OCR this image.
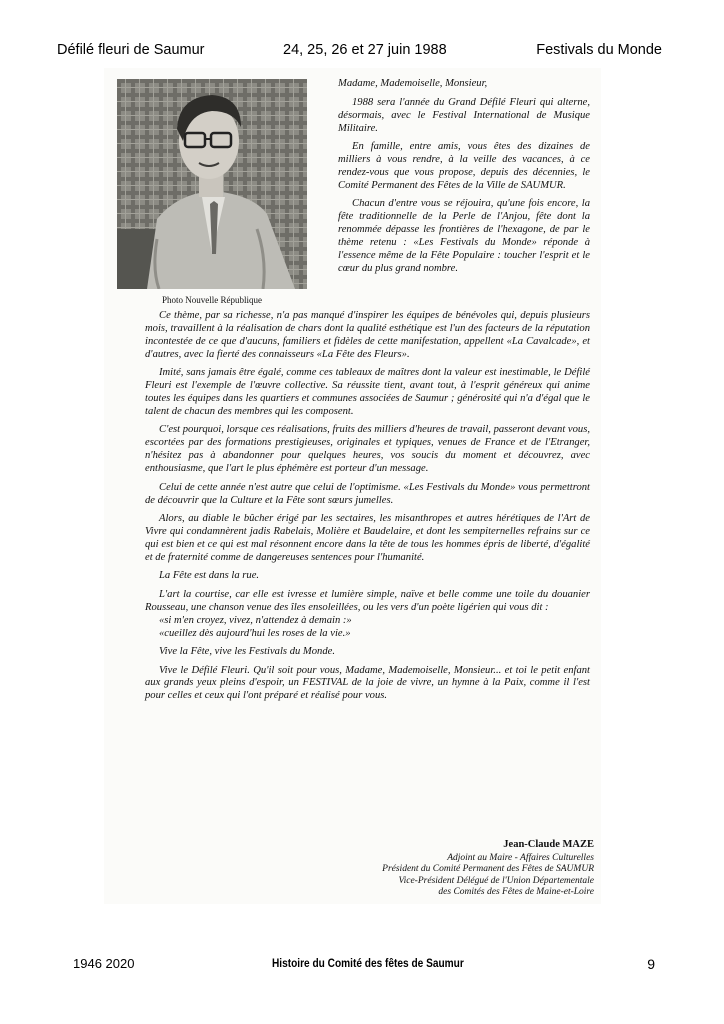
Défilé fleuri de Saumur	24, 25, 26 et 27 juin 1988	Festivals du Monde
Photo Nouvelle République

Madame, Mademoiselle, Monsieur,

1988 sera l'année du Grand Défilé Fleuri qui alterne, désormais, avec le Festival International de Musique Militaire.

En famille, entre amis, vous êtes des dizaines de milliers à vous rendre, à la veille des vacances, à ce rendez-vous que vous propose, depuis des décennies, le Comité Permanent des Fêtes de la Ville de SAUMUR.

Chacun d'entre vous se réjouira, qu'une fois encore, la fête traditionnelle de la Perle de l'Anjou, fête dont la renommée dépasse les frontières de l'hexagone, de par le thème retenu : «Les Festivals du Monde» réponde à l'essence même de la Fête Populaire : toucher l'esprit et le cœur du plus grand nombre.

Ce thème, par sa richesse, n'a pas manqué d'inspirer les équipes de bénévoles qui, depuis plusieurs mois, travaillent à la réalisation de chars dont la qualité esthétique est l'un des facteurs de la réputation incontestée de ce que d'aucuns, familiers et fidèles de cette manifestation, appellent «La Cavalcade», et d'autres, avec la fierté des connaisseurs «La Fête des Fleurs».

Imité, sans jamais être égalé, comme ces tableaux de maîtres dont la valeur est inestimable, le Défilé Fleuri est l'exemple de l'œuvre collective. Sa réussite tient, avant tout, à l'esprit généreux qui anime toutes les équipes dans les quartiers et communes associées de Saumur ; générosité qui n'a d'égal que le talent de chacun des membres qui les composent.

C'est pourquoi, lorsque ces réalisations, fruits des milliers d'heures de travail, passeront devant vous, escortées par des formations prestigieuses, originales et typiques, venues de France et de l'Etranger, n'hésitez pas à abandonner pour quelques heures, vos soucis du moment et découvrez, avec enthousiasme, que l'art le plus éphémère est porteur d'un message.

Celui de cette année n'est autre que celui de l'optimisme. «Les Festivals du Monde» vous permettront de découvrir que la Culture et la Fête sont sœurs jumelles.

Alors, au diable le bûcher érigé par les sectaires, les misanthropes et autres hérétiques de l'Art de Vivre qui condamnèrent jadis Rabelais, Molière et Baudelaire, et dont les sempiternelles refrains sur ce qui est bien et ce qui est mal résonnent encore dans la tête de tous les hommes épris de liberté, d'égalité et de fraternité comme de dangereuses sentences pour l'humanité.

La Fête est dans la rue.

L'art la courtise, car elle est ivresse et lumière simple, naïve et belle comme une toile du douanier Rousseau, une chanson venue des îles ensoleillées, ou les vers d'un poète ligérien qui vous dit :

«si m'en croyez, vivez, n'attendez à demain :»

«cueillez dès aujourd'hui les roses de la vie.»

Vive la Fête, vive les Festivals du Monde.

Vive le Défilé Fleuri. Qu'il soit pour vous, Madame, Mademoiselle, Monsieur... et toi le petit enfant aux grands yeux pleins d'espoir, un FESTIVAL de la joie de vivre, un hymne à la Paix, comme il l'est pour celles et ceux qui l'ont préparé et réalisé pour vous.

Jean-Claude MAZE
Adjoint au Maire - Affaires Culturelles
Président du Comité Permanent des Fêtes de SAUMUR
Vice-Président Délégué de l'Union Départementale
des Comités des Fêtes de Maine-et-Loire
1946 2020	Histoire du Comité des fêtes de Saumur	9
